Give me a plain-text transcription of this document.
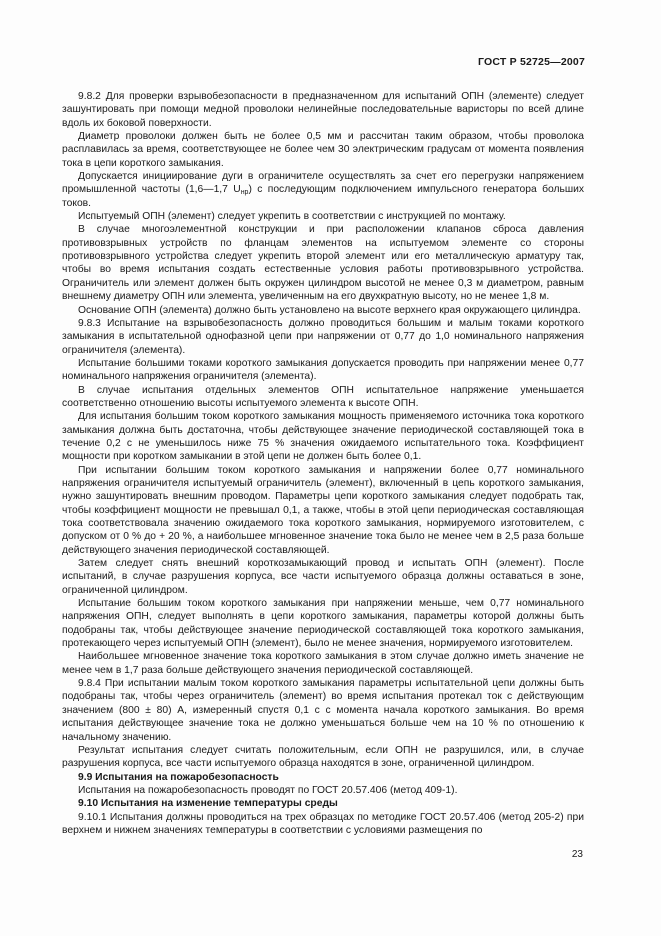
ГОСТ Р 52725—2007

9.8.2 Для проверки взрывобезопасности в предназначенном для испытаний ОПН (элементе) следует зашунтировать при помощи медной проволоки нелинейные последовательные варисторы по всей длине вдоль их боковой поверхности.

Диаметр проволоки должен быть не более 0,5 мм и рассчитан таким образом, чтобы проволока расплавилась за время, соответствующее не более чем 30 электрическим градусам от момента появления тока в цепи короткого замыкания.

Допускается инициирование дуги в ограничителе осуществлять за счет его перегрузки напряжением промышленной частоты (1,6—1,7 $U_{нр}$) с последующим подключением импульсного генератора больших токов.

Испытуемый ОПН (элемент) следует укрепить в соответствии с инструкцией по монтажу.

В случае многоэлементной конструкции и при расположении клапанов сброса давления противовзрывных устройств по фланцам элементов на испытуемом элементе со стороны противовзрывного устройства следует укрепить второй элемент или его металлическую арматуру так, чтобы во время испытания создать естественные условия работы противовзрывного устройства. Ограничитель или элемент должен быть окружен цилиндром высотой не менее 0,3 м диаметром, равным внешнему диаметру ОПН или элемента, увеличенным на его двухкратную высоту, но не менее 1,8 м.

Основание ОПН (элемента) должно быть установлено на высоте верхнего края окружающего цилиндра.

9.8.3 Испытание на взрывобезопасность должно проводиться большим и малым токами короткого замыкания в испытательной однофазной цепи при напряжении от 0,77 до 1,0 номинального напряжения ограничителя (элемента).

Испытание большими токами короткого замыкания допускается проводить при напряжении менее 0,77 номинального напряжения ограничителя (элемента).

В случае испытания отдельных элементов ОПН испытательное напряжение уменьшается соответственно отношению высоты испытуемого элемента к высоте ОПН.

Для испытания большим током короткого замыкания мощность применяемого источника тока короткого замыкания должна быть достаточна, чтобы действующее значение периодической составляющей тока в течение 0,2 с не уменьшилось ниже 75 % значения ожидаемого испытательного тока. Коэффициент мощности при коротком замыкании в этой цепи не должен быть более 0,1.

При испытании большим током короткого замыкания и напряжении более 0,77 номинального напряжения ограничителя испытуемый ограничитель (элемент), включенный в цепь короткого замыкания, нужно зашунтировать внешним проводом. Параметры цепи короткого замыкания следует подобрать так, чтобы коэффициент мощности не превышал 0,1, а также, чтобы в этой цепи периодическая составляющая тока соответствовала значению ожидаемого тока короткого замыкания, нормируемого изготовителем, с допуском от 0 % до + 20 %, а наибольшее мгновенное значение тока было не менее чем в 2,5 раза больше действующего значения периодической составляющей.

Затем следует снять внешний короткозамыкающий провод и испытать ОПН (элемент). После испытаний, в случае разрушения корпуса, все части испытуемого образца должны оставаться в зоне, ограниченной цилиндром.

Испытание большим током короткого замыкания при напряжении меньше, чем 0,77 номинального напряжения ОПН, следует выполнять в цепи короткого замыкания, параметры которой должны быть подобраны так, чтобы действующее значение периодической составляющей тока короткого замыкания, протекающего через испытуемый ОПН (элемент), было не менее значения, нормируемого изготовителем.

Наибольшее мгновенное значение тока короткого замыкания в этом случае должно иметь значение не менее чем в 1,7 раза больше действующего значения периодической составляющей.

9.8.4 При испытании малым током короткого замыкания параметры испытательной цепи должны быть подобраны так, чтобы через ограничитель (элемент) во время испытания протекал ток с действующим значением (800 ± 80) А, измеренный спустя 0,1 с с момента начала короткого замыкания. Во время испытания действующее значение тока не должно уменьшаться больше чем на 10 % по отношению к начальному значению.

Результат испытания следует считать положительным, если ОПН не разрушился, или, в случае разрушения корпуса, все части испытуемого образца находятся в зоне, ограниченной цилиндром.

9.9 Испытания на пожаробезопасность

Испытания на пожаробезопасность проводят по ГОСТ 20.57.406 (метод 409-1).

9.10 Испытания на изменение температуры среды

9.10.1 Испытания должны проводиться на трех образцах по методике ГОСТ 20.57.406 (метод 205-2) при верхнем и нижнем значениях температуры в соответствии с условиями размещения по

23
